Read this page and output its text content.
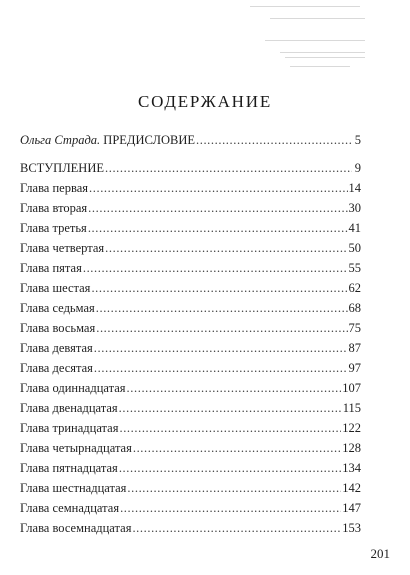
СОДЕРЖАНИЕ
Ольга Страда. ПРЕДИСЛОВИЕ .....	5
ВСТУПЛЕНИЕ .....	9
Глава первая .....	14
Глава вторая .....	30
Глава третья .....	41
Глава четвертая .....	50
Глава пятая .....	55
Глава шестая .....	62
Глава седьмая .....	68
Глава восьмая .....	75
Глава девятая .....	87
Глава десятая .....	97
Глава одиннадцатая .....	107
Глава двенадцатая .....	115
Глава тринадцатая .....	122
Глава четырнадцатая .....	128
Глава пятнадцатая .....	134
Глава шестнадцатая .....	142
Глава семнадцатая .....	147
Глава восемнадцатая .....	153
201
